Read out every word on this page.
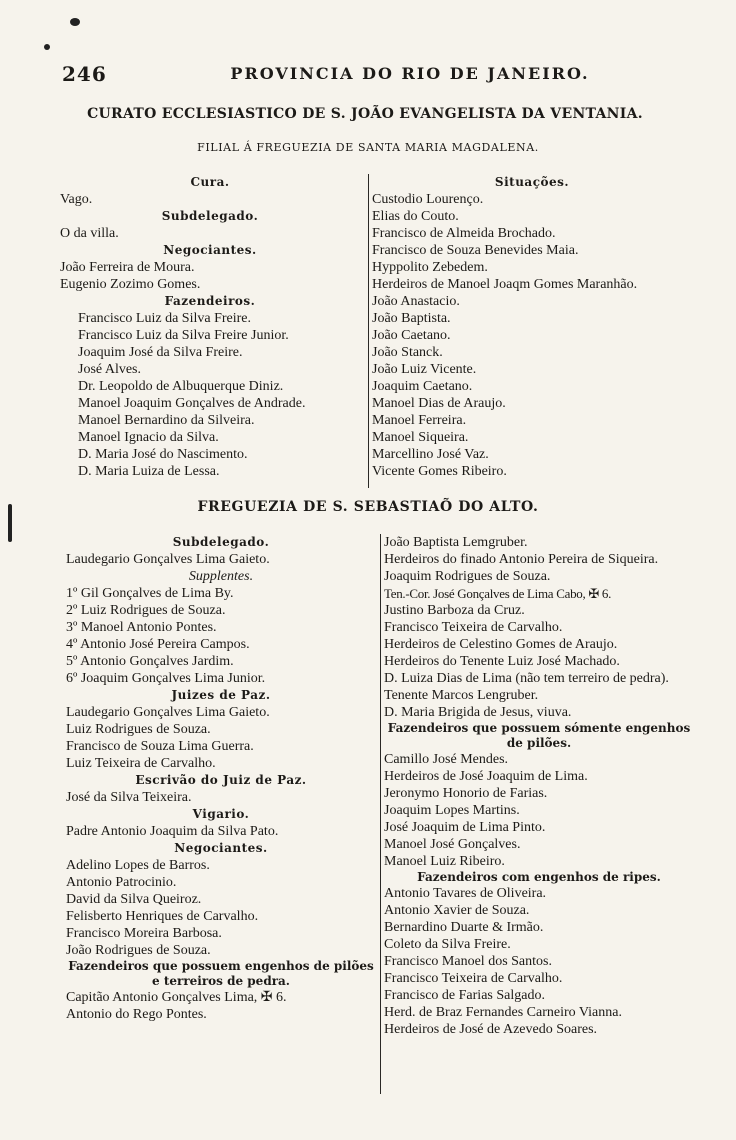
246	PROVINCIA DO RIO DE JANEIRO.
CURATO ECCLESIASTICO DE S. JOÃO EVANGELISTA DA VENTANIA.
FILIAL Á FREGUEZIA DE SANTA MARIA MAGDALENA.
Cura.
Vago.
Subdelegado.
O da villa.
Negociantes.
João Ferreira de Moura.
Eugenio Zozimo Gomes.
Fazendeiros.
Francisco Luiz da Silva Freire.
Francisco Luiz da Silva Freire Junior.
Joaquim José da Silva Freire.
José Alves.
Dr. Leopoldo de Albuquerque Diniz.
Manoel Joaquim Gonçalves de Andrade.
Manoel Bernardino da Silveira.
Manoel Ignacio da Silva.
D. Maria José do Nascimento.
D. Maria Luiza de Lessa.
Situações.
Custodio Lourenço.
Elias do Couto.
Francisco de Almeida Brochado.
Francisco de Souza Benevides Maia.
Hyppolito Zebedem.
Herdeiros de Manoel Joaqm Gomes Maranhão.
João Anastacio.
João Baptista.
João Caetano.
João Stanck.
João Luiz Vicente.
Joaquim Caetano.
Manoel Dias de Araujo.
Manoel Ferreira.
Manoel Siqueira.
Marcellino José Vaz.
Vicente Gomes Ribeiro.
FREGUEZIA DE S. SEBASTIAÕ DO ALTO.
Subdelegado.
Laudegario Gonçalves Lima Gaieto.
Supplentes.
1º Gil Gonçalves de Lima By.
2º Luiz Rodrigues de Souza.
3º Manoel Antonio Pontes.
4º Antonio José Pereira Campos.
5º Antonio Gonçalves Jardim.
6º Joaquim Gonçalves Lima Junior.
Juizes de Paz.
Laudegario Gonçalves Lima Gaieto.
Luiz Rodrigues de Souza.
Francisco de Souza Lima Guerra.
Luiz Teixeira de Carvalho.
Escrivão do Juiz de Paz.
José da Silva Teixeira.
Vigario.
Padre Antonio Joaquim da Silva Pato.
Negociantes.
Adelino Lopes de Barros.
Antonio Patrocinio.
David da Silva Queiroz.
Felisberto Henriques de Carvalho.
Francisco Moreira Barbosa.
João Rodrigues de Souza.
Fazendeiros que possuem engenhos de pilões e terreiros de pedra.
Capitão Antonio Gonçalves Lima, ✠ 6.
Antonio do Rego Pontes.
João Baptista Lemgruber.
Herdeiros do finado Antonio Pereira de Siqueira.
Joaquim Rodrigues de Souza.
Ten.-Cor. José Gonçalves de Lima Cabo, ✠ 6.
Justino Barboza da Cruz.
Francisco Teixeira de Carvalho.
Herdeiros de Celestino Gomes de Araujo.
Herdeiros do Tenente Luiz José Machado.
D. Luiza Dias de Lima (não tem terreiro de pedra).
Tenente Marcos Lengruber.
D. Maria Brigida de Jesus, viuva.
Fazendeiros que possuem sómente engenhos de pilões.
Camillo José Mendes.
Herdeiros de José Joaquim de Lima.
Jeronymo Honorio de Farias.
Joaquim Lopes Martins.
José Joaquim de Lima Pinto.
Manoel José Gonçalves.
Manoel Luiz Ribeiro.
Fazendeiros com engenhos de ripes.
Antonio Tavares de Oliveira.
Antonio Xavier de Souza.
Bernardino Duarte & Irmão.
Coleto da Silva Freire.
Francisco Manoel dos Santos.
Francisco Teixeira de Carvalho.
Francisco de Farias Salgado.
Herd. de Braz Fernandes Carneiro Vianna.
Herdeiros de José de Azevedo Soares.
